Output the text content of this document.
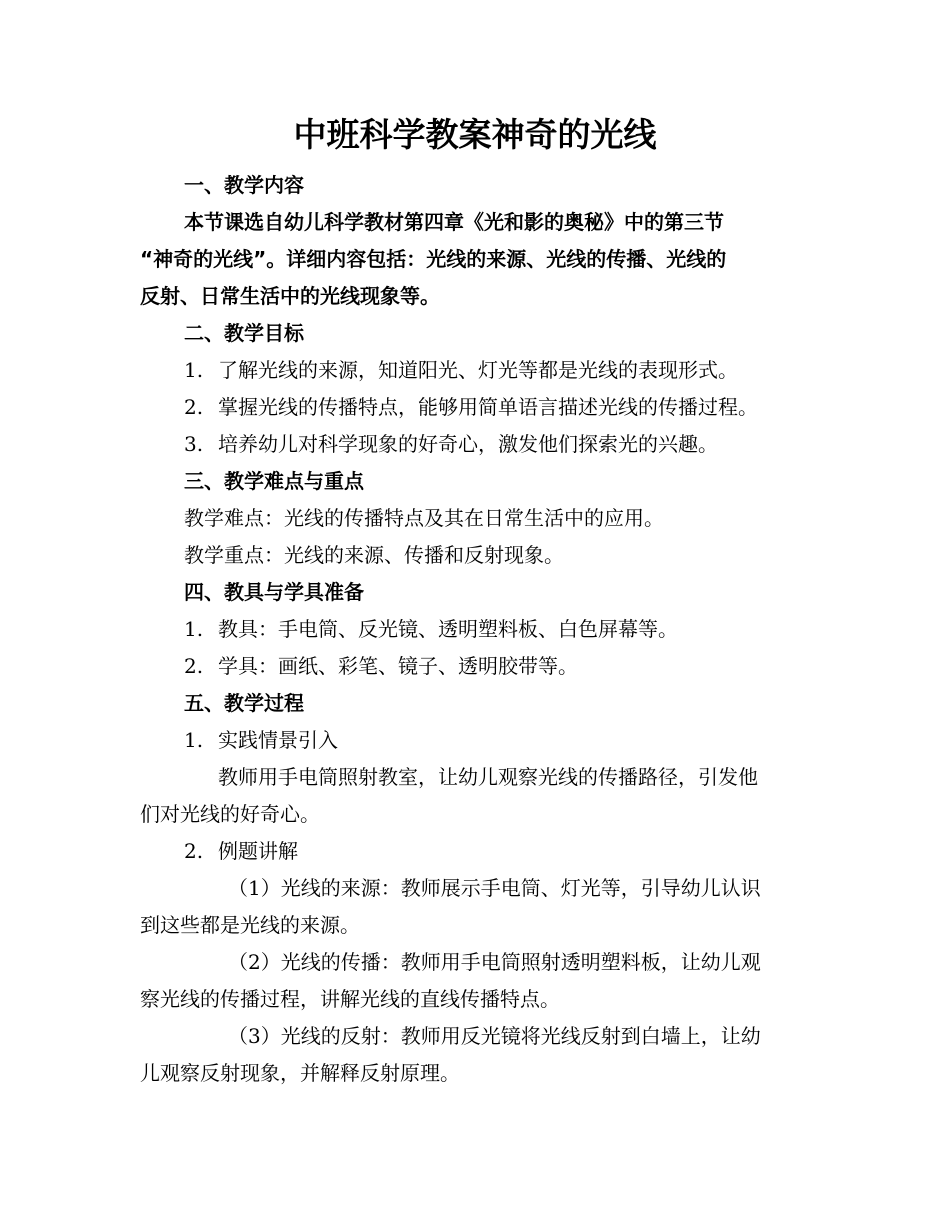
中班科学教案神奇的光线

一、教学内容

本节课选自幼儿科学教材第四章《光和影的奥秘》中的第三节

“神奇的光线”。详细内容包括：光线的来源、光线的传播、光线的

反射、日常生活中的光线现象等。

二、教学目标

1. 了解光线的来源，知道阳光、灯光等都是光线的表现形式。

2. 掌握光线的传播特点，能够用简单语言描述光线的传播过程。

3. 培养幼儿对科学现象的好奇心，激发他们探索光的兴趣。

三、教学难点与重点

教学难点：光线的传播特点及其在日常生活中的应用。

教学重点：光线的来源、传播和反射现象。

四、教具与学具准备

1. 教具：手电筒、反光镜、透明塑料板、白色屏幕等。

2. 学具：画纸、彩笔、镜子、透明胶带等。

五、教学过程

1. 实践情景引入

教师用手电筒照射教室，让幼儿观察光线的传播路径，引发他

们对光线的好奇心。

2. 例题讲解

（1）光线的来源：教师展示手电筒、灯光等，引导幼儿认识

到这些都是光线的来源。

（2）光线的传播：教师用手电筒照射透明塑料板，让幼儿观

察光线的传播过程，讲解光线的直线传播特点。

（3）光线的反射：教师用反光镜将光线反射到白墙上，让幼

儿观察反射现象，并解释反射原理。
